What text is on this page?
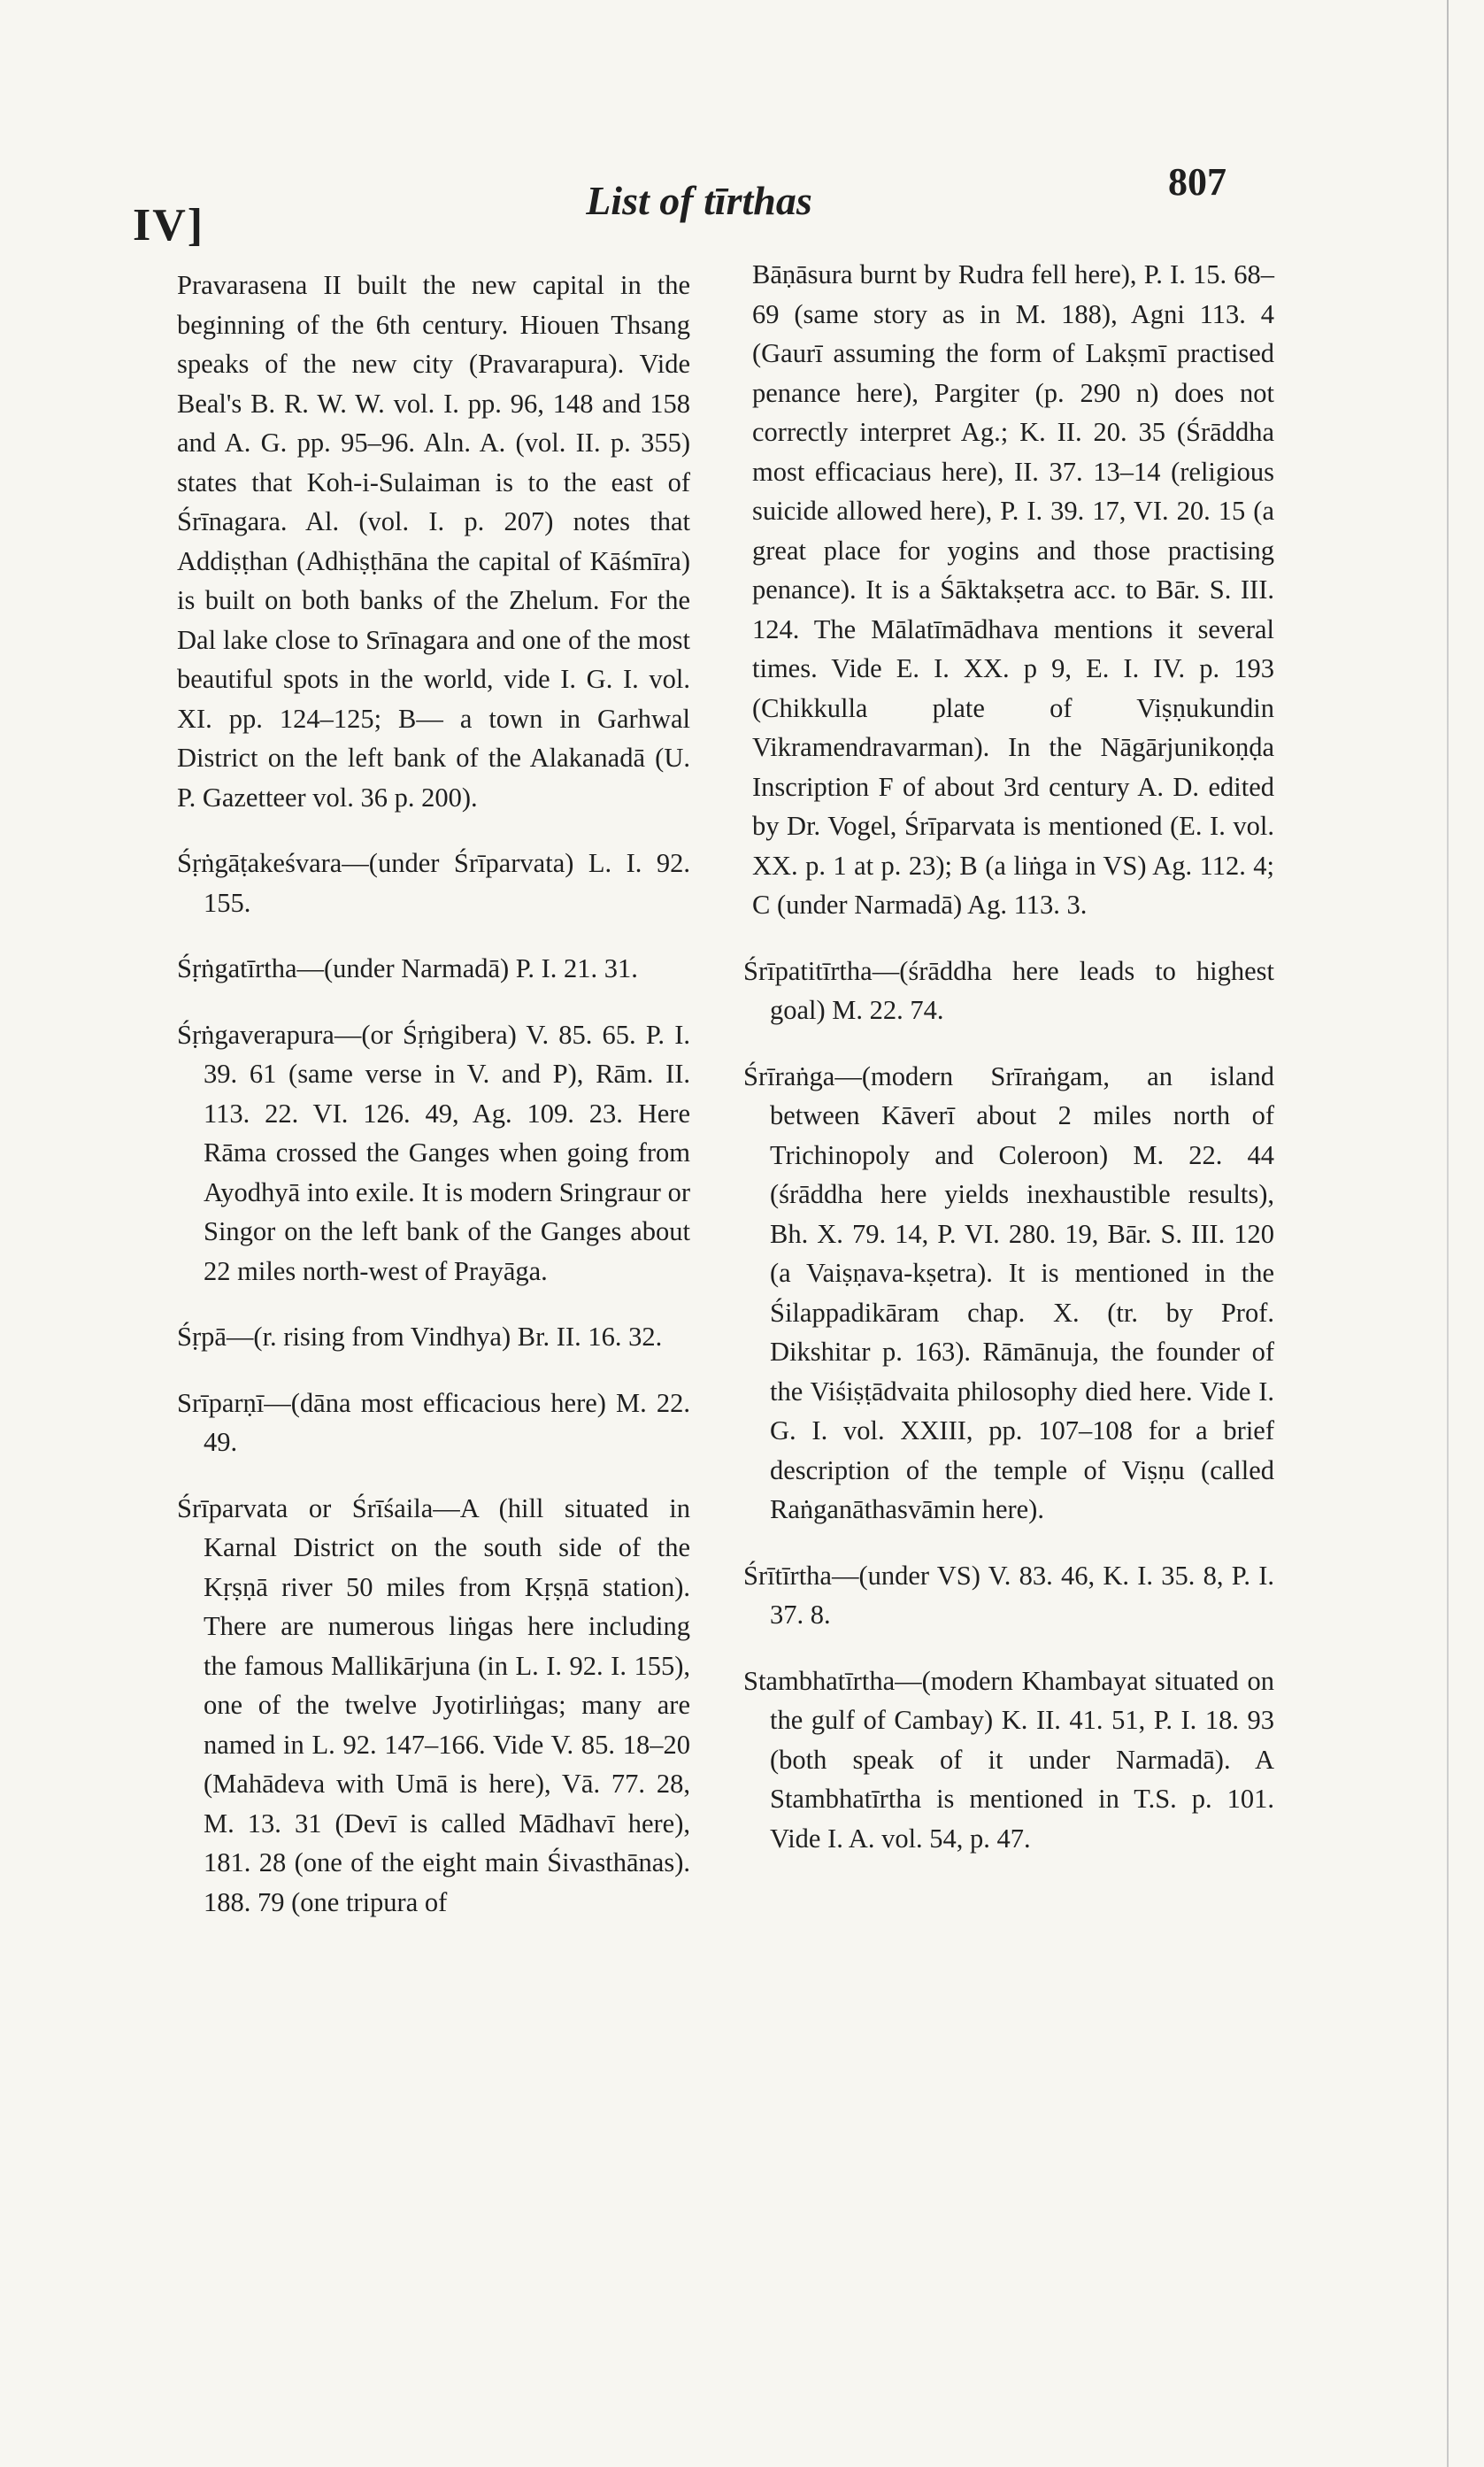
IV]	List of tīrthas	807

Pravarasena II built the new capital in the beginning of the 6th century. Hiouen Thsang speaks of the new city (Pravarapura). Vide Beal's B. R. W. W. vol. I. pp. 96, 148 and 158 and A. G. pp. 95–96. Aln. A. (vol. II. p. 355) states that Koh-i-Sulaiman is to the east of Śrīnagara. Al. (vol. I. p. 207) notes that Addiṣṭhan (Adhiṣṭhāna the capital of Kāśmīra) is built on both banks of the Zhelum. For the Dal lake close to Srīnagara and one of the most beautiful spots in the world, vide I. G. I. vol. XI. pp. 124–125; B— a town in Garhwal District on the left bank of the Alakanadā (U. P. Gazetteer vol. 36 p. 200).

Śṛṅgāṭakeśvara—(under Śrīparvata) L. I. 92. 155.

Śṛṅgatīrtha—(under Narmadā) P. I. 21. 31.

Śṛṅgaverapura—(or Śṛṅgibera) V. 85. 65. P. I. 39. 61 (same verse in V. and P), Rām. II. 113. 22. VI. 126. 49, Ag. 109. 23. Here Rāma crossed the Ganges when going from Ayodhyā into exile. It is modern Sringraur or Singor on the left bank of the Ganges about 22 miles north-west of Prayāga.

Śṛpā—(r. rising from Vindhya) Br. II. 16. 32.

Srīparṇī—(dāna most efficacious here) M. 22. 49.

Śrīparvata or Śrīśaila—A (hill situated in Karnal District on the south side of the Kṛṣṇā river 50 miles from Kṛṣṇā station). There are numerous liṅgas here including the famous Mallikārjuna (in L. I. 92. I. 155), one of the twelve Jyotirliṅgas; many are named in L. 92. 147–166. Vide V. 85. 18–20 (Mahādeva with Umā is here), Vā. 77. 28, M. 13. 31 (Devī is called Mādhavī here), 181. 28 (one of the eight main Śivasthānas). 188. 79 (one tripura of

Bāṇāsura burnt by Rudra fell here), P. I. 15. 68–69 (same story as in M. 188), Agni 113. 4 (Gaurī assuming the form of Lakṣmī practised penance here), Pargiter (p. 290 n) does not correctly interpret Ag.; K. II. 20. 35 (Śrāddha most efficaciaus here), II. 37. 13–14 (religious suicide allowed here), P. I. 39. 17, VI. 20. 15 (a great place for yogins and those practising penance). It is a Śāktakṣetra acc. to Bār. S. III. 124. The Mālatīmādhava mentions it several times. Vide E. I. XX. p 9, E. I. IV. p. 193 (Chikkulla plate of Viṣṇukundin Vikramendravarman). In the Nāgārjunikoṇḍa Inscription F of about 3rd century A. D. edited by Dr. Vogel, Śrīparvata is mentioned (E. I. vol. XX. p. 1 at p. 23); B (a liṅga in VS) Ag. 112. 4; C (under Narmadā) Ag. 113. 3.

Śrīpatitīrtha—(śrāddha here leads to highest goal) M. 22. 74.

Śrīraṅga—(modern Srīraṅgam, an island between Kāverī about 2 miles north of Trichinopoly and Coleroon) M. 22. 44 (śrāddha here yields inexhaustible results), Bh. X. 79. 14, P. VI. 280. 19, Bār. S. III. 120 (a Vaiṣṇava-kṣetra). It is mentioned in the Śilappadikāram chap. X. (tr. by Prof. Dikshitar p. 163). Rāmānuja, the founder of the Viśiṣṭādvaita philosophy died here. Vide I. G. I. vol. XXIII, pp. 107–108 for a brief description of the temple of Viṣṇu (called Raṅganāthasvāmin here).

Śrītīrtha—(under VS) V. 83. 46, K. I. 35. 8, P. I. 37. 8.

Stambhatīrtha—(modern Khambayat situated on the gulf of Cambay) K. II. 41. 51, P. I. 18. 93 (both speak of it under Narmadā). A Stambhatīrtha is mentioned in T.S. p. 101. Vide I. A. vol. 54, p. 47.
